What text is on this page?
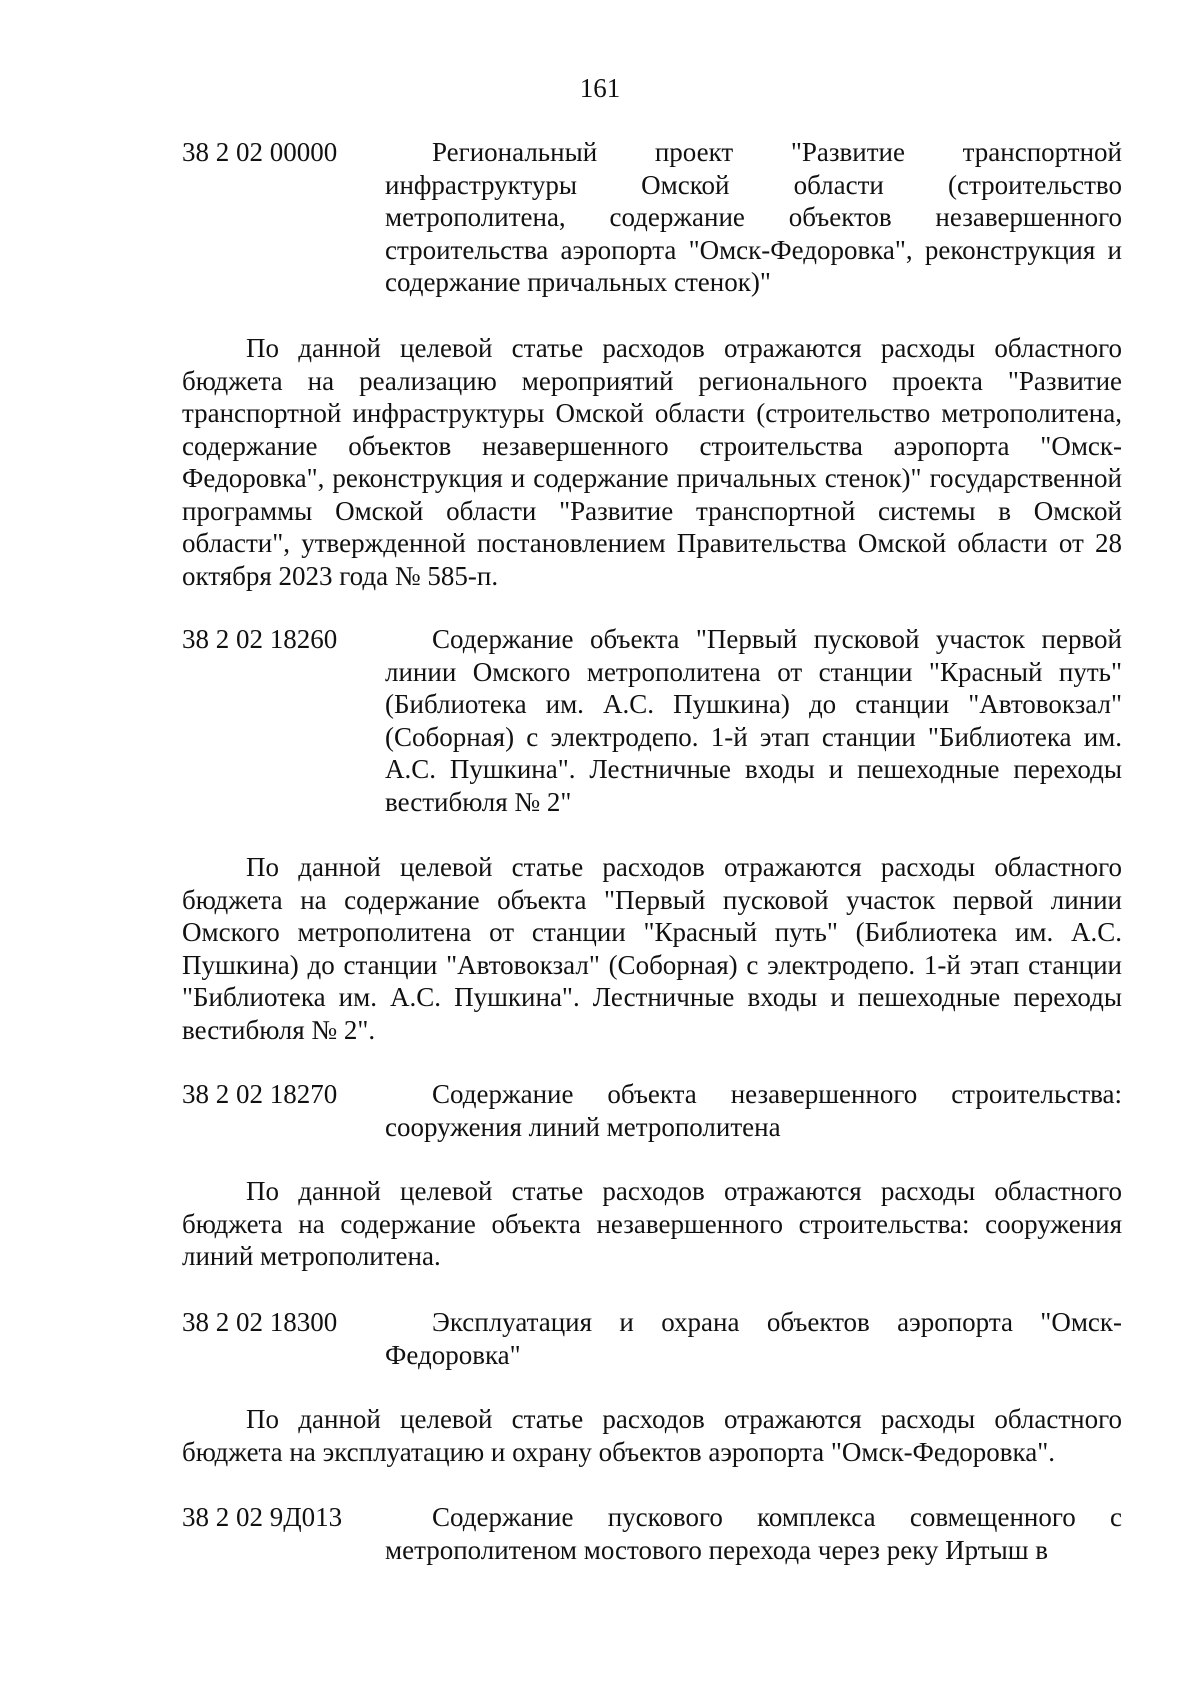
161
38 2 02 00000	Региональный проект "Развитие транспортной инфраструктуры Омской области (строительство метрополитена, содержание объектов незавершенного строительства аэропорта "Омск-Федоровка", реконструкция и содержание причальных стенок)"
По данной целевой статье расходов отражаются расходы областного бюджета на реализацию мероприятий регионального проекта "Развитие транспортной инфраструктуры Омской области (строительство метрополитена, содержание объектов незавершенного строительства аэропорта "Омск-Федоровка", реконструкция и содержание причальных стенок)" государственной программы Омской области "Развитие транспортной системы в Омской области", утвержденной постановлением Правительства Омской области от 28 октября 2023 года № 585-п.
38 2 02 18260	Содержание объекта "Первый пусковой участок первой линии Омского метрополитена от станции "Красный путь" (Библиотека им. А.С. Пушкина) до станции "Автовокзал" (Соборная) с электродепо. 1-й этап станции "Библиотека им. А.С. Пушкина". Лестничные входы и пешеходные переходы вестибюля № 2"
По данной целевой статье расходов отражаются расходы областного бюджета на содержание объекта "Первый пусковой участок первой линии Омского метрополитена от станции "Красный путь" (Библиотека им. А.С. Пушкина) до станции "Автовокзал" (Соборная) с электродепо. 1-й этап станции "Библиотека им. А.С. Пушкина". Лестничные входы и пешеходные переходы вестибюля № 2".
38 2 02 18270	Содержание объекта незавершенного строительства: сооружения линий метрополитена
По данной целевой статье расходов отражаются расходы областного бюджета на содержание объекта незавершенного строительства: сооружения линий метрополитена.
38 2 02 18300	Эксплуатация и охрана объектов аэропорта "Омск-Федоровка"
По данной целевой статье расходов отражаются расходы областного бюджета на эксплуатацию и охрану объектов аэропорта "Омск-Федоровка".
38 2 02 9Д013	Содержание пускового комплекса совмещенного с метрополитеном мостового перехода через реку Иртыш в
